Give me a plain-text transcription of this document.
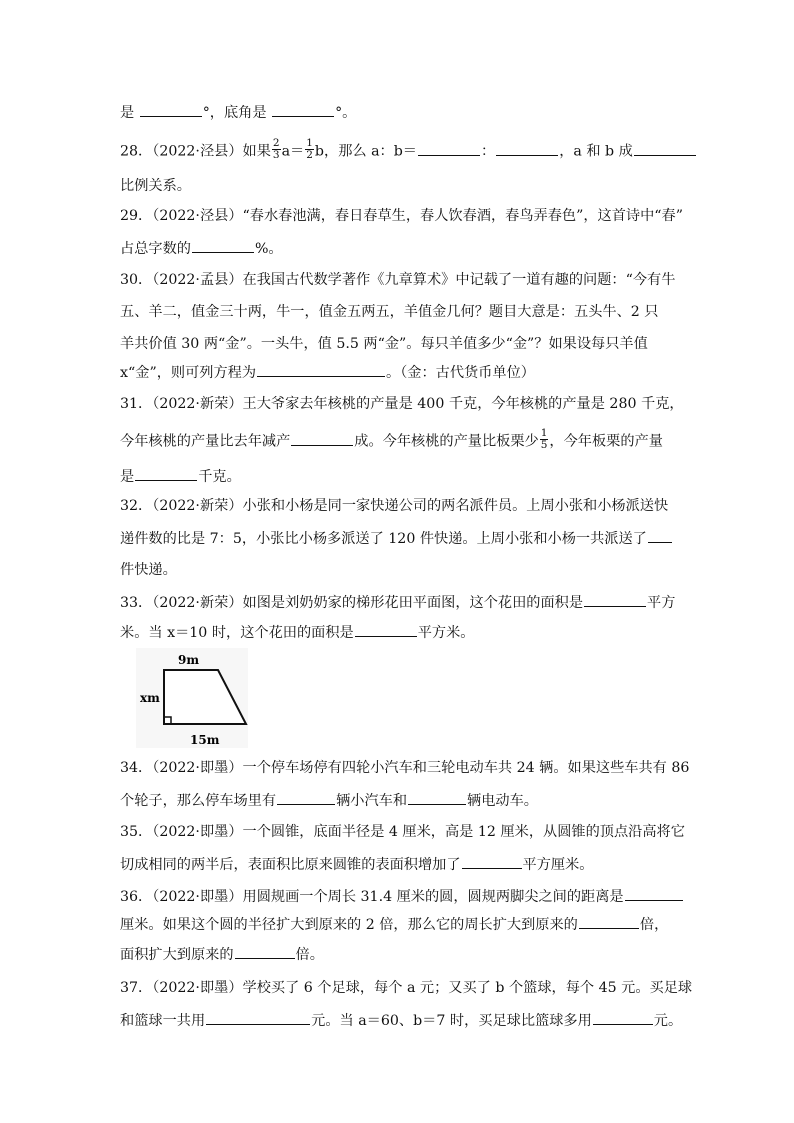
是	°，底角是	°。
28．（2022·泾县）如果 $\frac{2}{3} a= \frac{1}{2}$ b，那么 a：b＝	：	，a 和 b 成
比例关系。
29．（2022·泾县）“春水春池满，春日春草生，春人饮春酒，春鸟弄春色”，这首诗中“春”
占总字数的	%。
30．（2022·孟县）在我国古代数学著作《九章算术》中记载了一道有趣的问题：“今有牛
五、羊二，值金三十两，牛一，值金五两五，羊值金几何？题目大意是：五头牛、2 只
羊共价值 30 两“金”。一头牛，值 5.5 两“金”。每只羊值多少“金”？如果设每只羊值
x“金”，则可列方程为	。（金：古代货币单位）
31．（2022·新荣）王大爷家去年核桃的产量是 400 千克，今年核桃的产量是 280 千克，
今年核桃的产量比去年减产	成。今年核桃的产量比板栗少 $\frac{1}{5}$ ，今年板栗的产量
是	千克。
32．（2022·新荣）小张和小杨是同一家快递公司的两名派件员。上周小张和小杨派送快
递件数的比是 7：5，小张比小杨多派送了 120 件快递。上周小张和小杨一共派送了
件快递。
33．（2022·新荣）如图是刘奶奶家的梯形花田平面图，这个花田的面积是	平方
米。当 x＝10 时，这个花田的面积是	平方米。
34．（2022·即墨）一个停车场停有四轮小汽车和三轮电动车共 24 辆。如果这些车共有 86
个轮子，那么停车场里有	辆小汽车和	辆电动车。
35．（2022·即墨）一个圆锥，底面半径是 4 厘米，高是 12 厘米，从圆锥的顶点沿高将它
切成相同的两半后，表面积比原来圆锥的表面积增加了	平方厘米。
36．（2022·即墨）用圆规画一个周长 31.4 厘米的圆，圆规两脚尖之间的距离是
厘米。如果这个圆的半径扩大到原来的 2 倍，那么它的周长扩大到原来的	倍，
面积扩大到原来的	倍。
37．（2022·即墨）学校买了 6 个足球，每个 a 元；又买了 b 个篮球，每个 45 元。买足球
和篮球一共用	元。当 a＝60、b＝7 时，买足球比篮球多用	元。
9m
xm
15m
